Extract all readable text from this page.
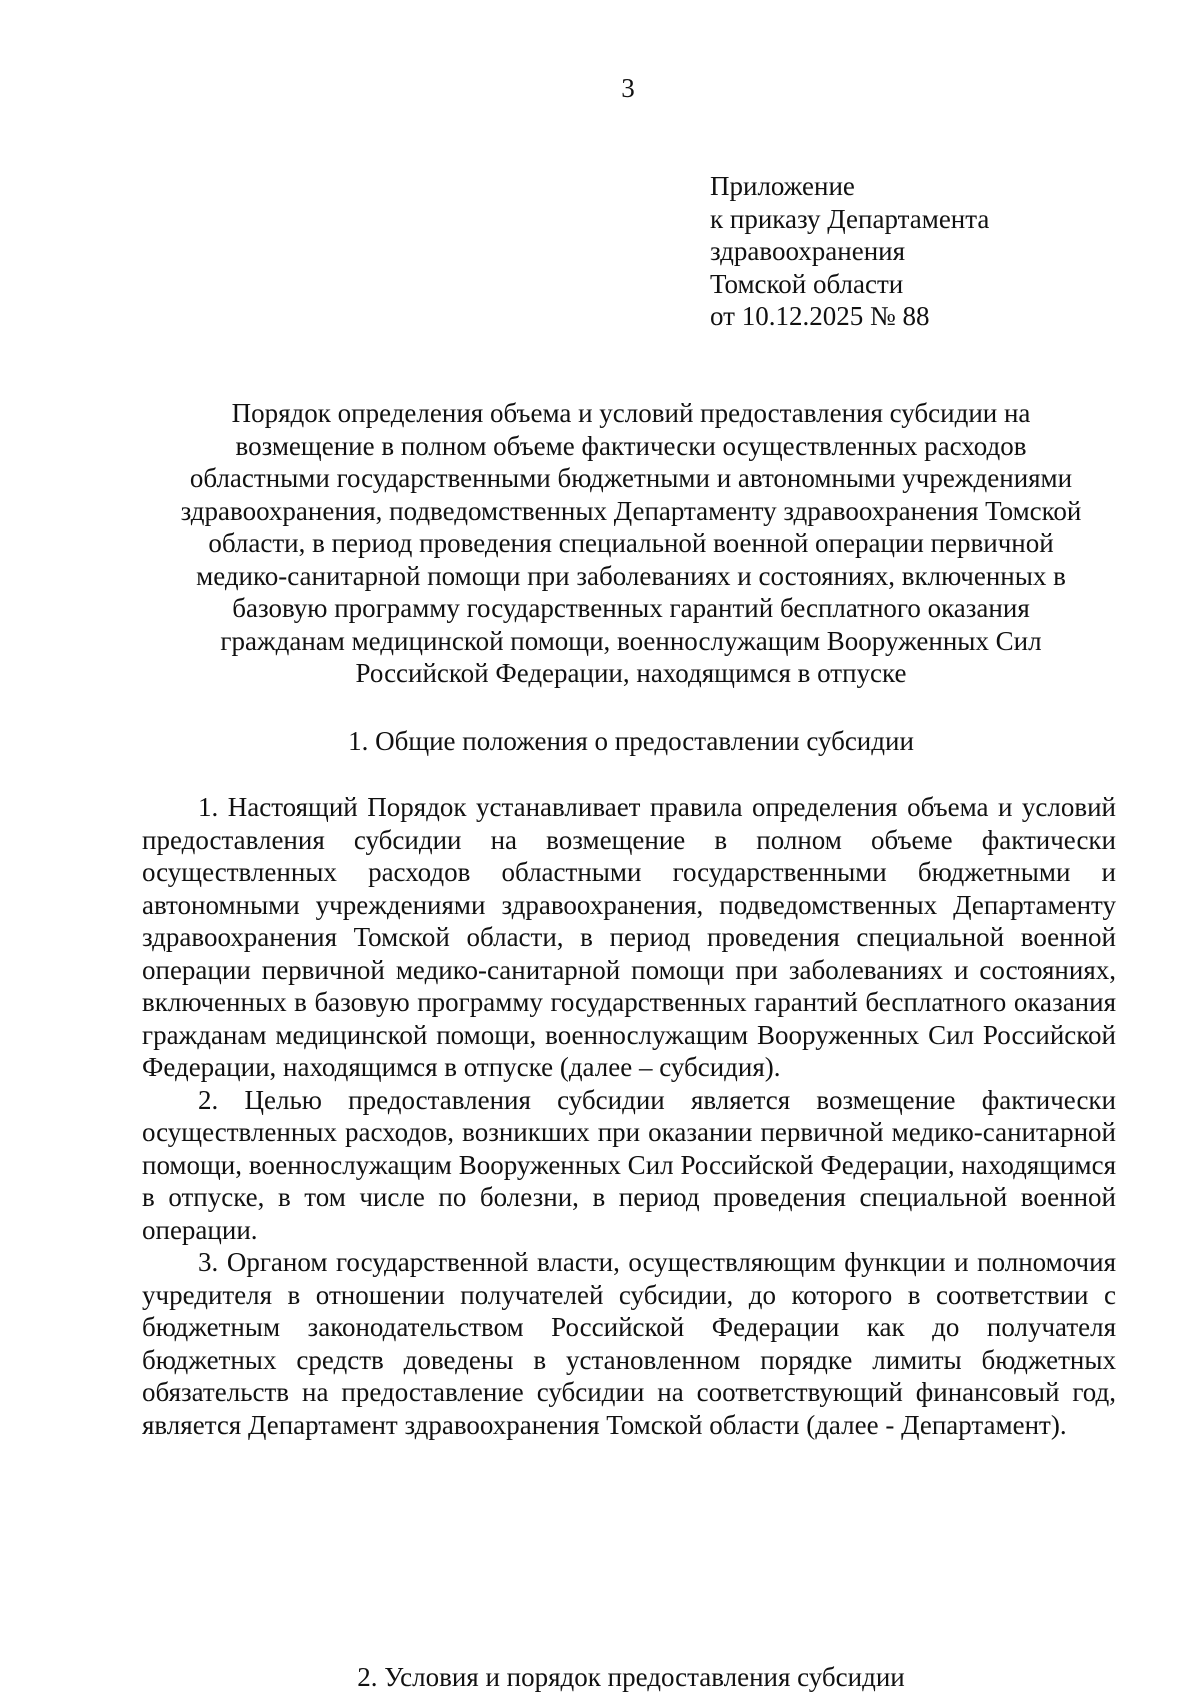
3
Приложение
к приказу Департамента
здравоохранения
Томской области
от 10.12.2025 № 88
Порядок определения объема и условий предоставления субсидии на
возмещение в полном объеме фактически осуществленных расходов
областными государственными бюджетными и автономными учреждениями
здравоохранения, подведомственных Департаменту здравоохранения Томской
области, в период проведения специальной военной операции первичной
медико-санитарной помощи при заболеваниях и состояниях, включенных в
базовую программу государственных гарантий бесплатного оказания
гражданам медицинской помощи, военнослужащим Вооруженных Сил
Российской Федерации, находящимся в отпуске
1. Общие положения о предоставлении субсидии

1. Настоящий Порядок устанавливает правила определения объема и условий предоставления субсидии на возмещение в полном объеме фактически осуществленных расходов областными государственными бюджетными и автономными учреждениями здравоохранения, подведомственных Департаменту здравоохранения Томской области, в период проведения специальной военной операции первичной медико-санитарной помощи при заболеваниях и состояниях, включенных в базовую программу государственных гарантий бесплатного оказания гражданам медицинской помощи, военнослужащим Вооруженных Сил Российской Федерации, находящимся в отпуске (далее – субсидия).

2. Целью предоставления субсидии является возмещение фактически осуществленных расходов, возникших при оказании первичной медико-санитарной помощи, военнослужащим Вооруженных Сил Российской Федерации, находящимся в отпуске, в том числе по болезни, в период проведения специальной военной операции.

3. Органом государственной власти, осуществляющим функции и полномочия учредителя в отношении получателей субсидии, до которого в соответствии с бюджетным законодательством Российской Федерации как до получателя бюджетных средств доведены в установленном порядке лимиты бюджетных обязательств на предоставление субсидии на соответствующий финансовый год, является Департамент здравоохранения Томской области (далее - Департамент).

2. Условия и порядок предоставления субсидии
